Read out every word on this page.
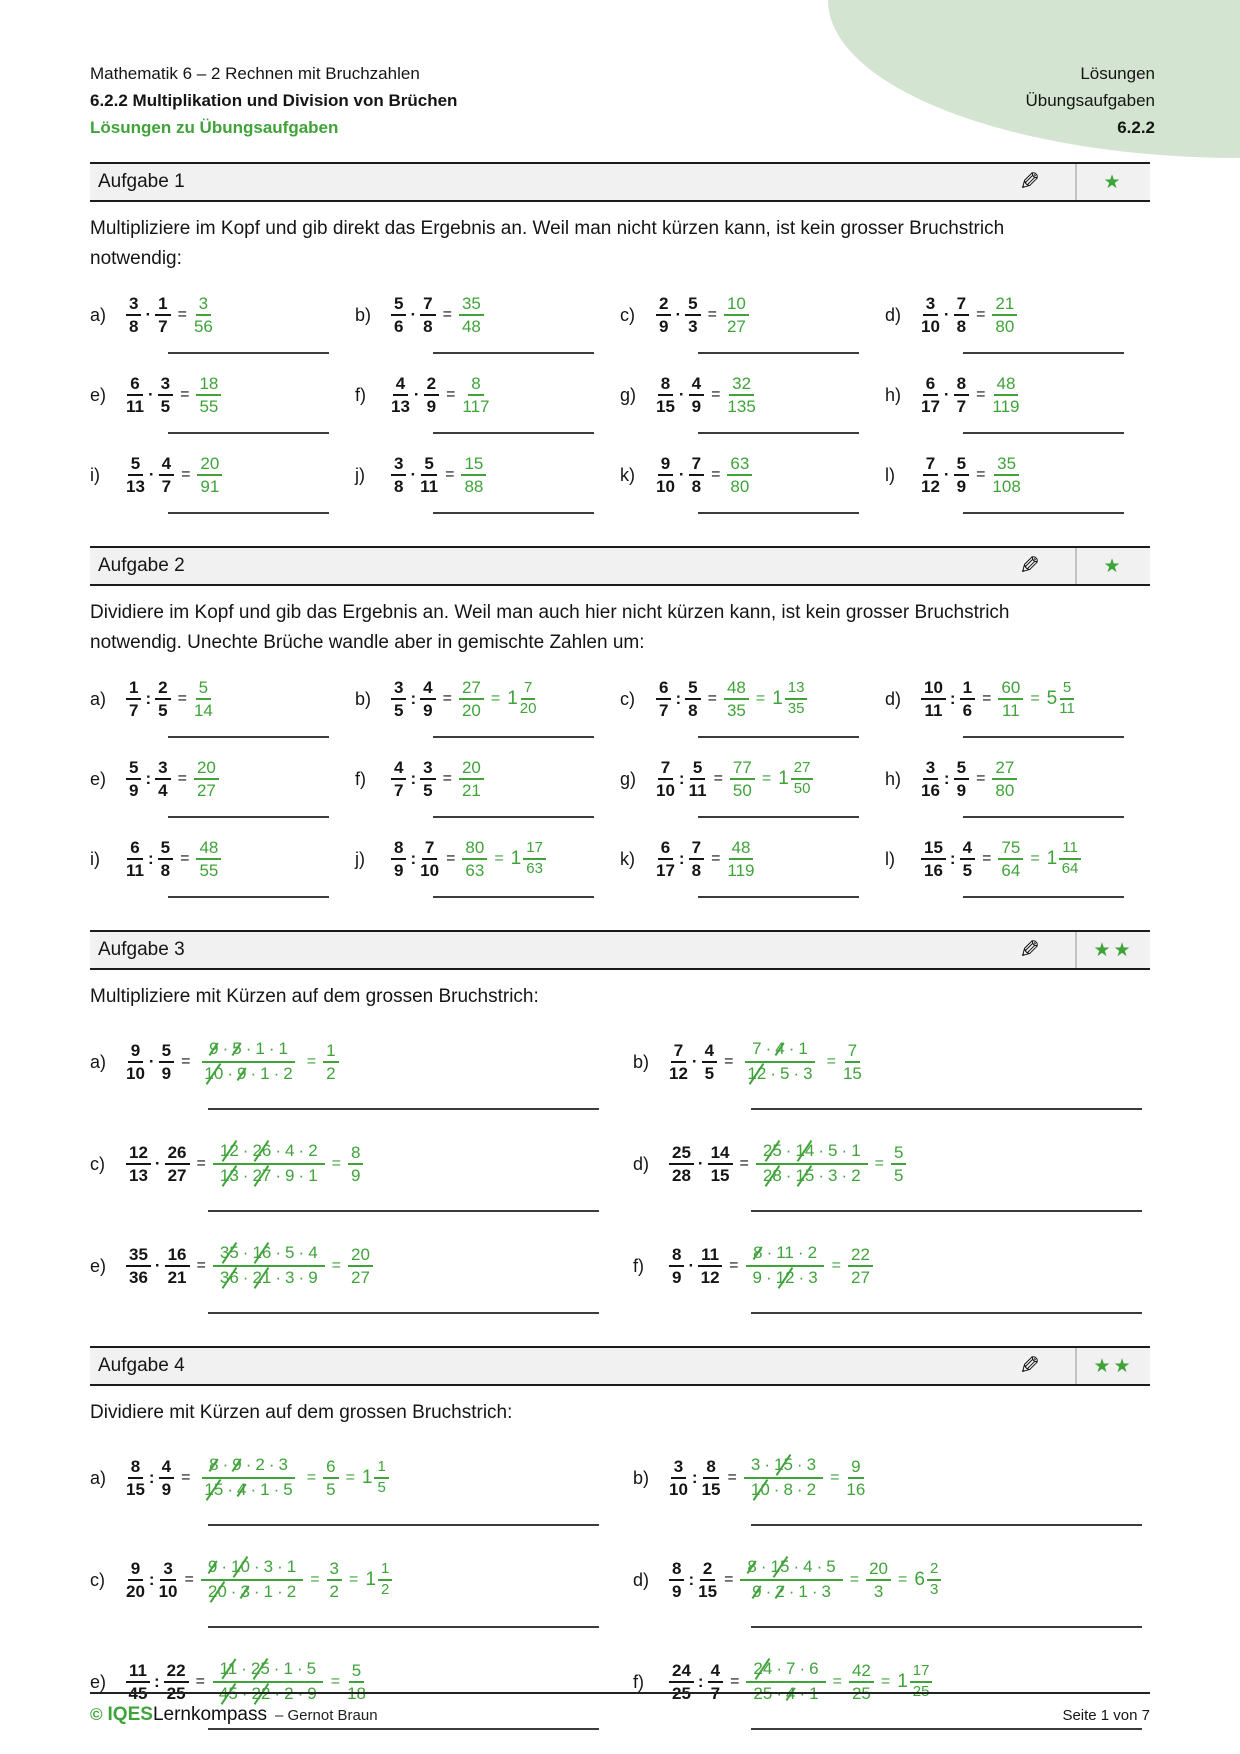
Mathematik 6 – 2 Rechnen mit Bruchzahlen
6.2.2 Multiplikation und Division von Brüchen
Lösungen zu Übungsaufgaben
Lösungen
Übungsaufgaben
6.2.2
Aufgabe 1	✎	★

Multipliziere im Kopf und gib direkt das Ergebnis an. Weil man nicht kürzen kann, ist kein grosser Bruchstrich notwendig:

a)	$\frac{3}{8} \cdot \frac{1}{7} = \frac{3}{56}$	b)	$\frac{5}{6} \cdot \frac{7}{8} = \frac{35}{48}$	c)	$\frac{2}{9} \cdot \frac{5}{3} = \frac{10}{27}$	d)	$\frac{3}{10} \cdot \frac{7}{8} = \frac{21}{80}$
e)	$\frac{6}{11} \cdot \frac{3}{5} = \frac{18}{55}$	f)	$\frac{4}{13} \cdot \frac{2}{9} = \frac{8}{117}$	g)	$\frac{8}{15} \cdot \frac{4}{9} = \frac{32}{135}$	h)	$\frac{6}{17} \cdot \frac{8}{7} = \frac{48}{119}$
i)	$\frac{5}{13} \cdot \frac{4}{7} = \frac{20}{91}$	j)	$\frac{3}{8} \cdot \frac{5}{11} = \frac{15}{88}$	k)	$\frac{9}{10} \cdot \frac{7}{8} = \frac{63}{80}$	l)	$\frac{7}{12} \cdot \frac{5}{9} = \frac{35}{108}$
Aufgabe 2	✎	★

Dividiere im Kopf und gib das Ergebnis an. Weil man auch hier nicht kürzen kann, ist kein grosser Bruchstrich notwendig. Unechte Brüche wandle aber in gemischte Zahlen um:

a)	$\frac{1}{7}$ : $\frac{2}{5} = \frac{5}{14}$	b)	$\frac{3}{5}$ : $\frac{4}{9} = \frac{27}{20} = 1 \frac{7}{20}$	c)	$\frac{6}{7}$ : $\frac{5}{8} = \frac{48}{35} = 1 \frac{13}{35}$	d)	$\frac{10}{11}$ : $\frac{1}{6} = \frac{60}{11} = 5 \frac{5}{11}$
e)	$\frac{5}{9}$ : $\frac{3}{4} = \frac{20}{27}$	f)	$\frac{4}{7}$ : $\frac{3}{5} = \frac{20}{21}$	g)	$\frac{7}{10}$ : $\frac{5}{11} = \frac{77}{50} = 1 \frac{27}{50}$	h)	$\frac{3}{16}$ : $\frac{5}{9} = \frac{27}{80}$
i)	$\frac{6}{11}$ : $\frac{5}{8} = \frac{48}{55}$	j)	$\frac{8}{9}$ : $\frac{7}{10} = \frac{80}{63} = 1 \frac{17}{63}$	k)	$\frac{6}{17}$ : $\frac{7}{8} = \frac{48}{119}$	l)	$\frac{15}{16}$ : $\frac{4}{5} = \frac{75}{64} = 1 \frac{11}{64}$
Aufgabe 3	✎	★★

Multipliziere mit Kürzen auf dem grossen Bruchstrich:

a)	$\frac{9}{10} \cdot \frac{5}{9} = \frac{9 \cdot 5 \cdot 1 \cdot 1}{10 \cdot 9 \cdot 1 \cdot 2} = \frac{1}{2}$	b)	$\frac{7}{12} \cdot \frac{4}{5} = \frac{7 \cdot 4 \cdot 1}{12 \cdot 5 \cdot 3} = \frac{7}{15}$
c)	$\frac{12}{13} \cdot \frac{26}{27} = \frac{12 \cdot 26 \cdot 4 \cdot 2}{13 \cdot 27 \cdot 9 \cdot 1} = \frac{8}{9}$	d)	$\frac{25}{28} \cdot \frac{14}{15} = \frac{25 \cdot 14 \cdot 5 \cdot 1}{28 \cdot 15 \cdot 3 \cdot 2} = \frac{5}{5}$
e)	$\frac{35}{36} \cdot \frac{16}{21} = \frac{35 \cdot 16 \cdot 5 \cdot 4}{36 \cdot 21 \cdot 3 \cdot 9} = \frac{20}{27}$	f)	$\frac{8}{9} \cdot \frac{11}{12} = \frac{8 \cdot 11 \cdot 2}{9 \cdot 12 \cdot 3} = \frac{22}{27}$
Aufgabe 4	✎	★★

Dividiere mit Kürzen auf dem grossen Bruchstrich:

a)	$\frac{8}{15}$ : $\frac{4}{9} = \frac{8 \cdot 9 \cdot 2 \cdot 3}{15 \cdot 4 \cdot 1 \cdot 5} = \frac{6}{5} = 1 \frac{1}{5}$	b)	$\frac{3}{10}$ : $\frac{8}{15} = \frac{3 \cdot 15 \cdot 3}{10 \cdot 8 \cdot 2} = \frac{9}{16}$
c)	$\frac{9}{20}$ : $\frac{3}{10} = \frac{9 \cdot 10 \cdot 3 \cdot 1}{20 \cdot 3 \cdot 1 \cdot 2} = \frac{3}{2} = 1 \frac{1}{2}$	d)	$\frac{8}{9}$ : $\frac{2}{15} = \frac{8 \cdot 15 \cdot 4 \cdot 5}{9 \cdot 2 \cdot 1 \cdot 3} = \frac{20}{3} = 6 \frac{2}{3}$
e)	$\frac{11}{45}$ : $\frac{22}{25} = \frac{11 \cdot 25 \cdot 1 \cdot 5}{45 \cdot 22 \cdot 2 \cdot 9} = \frac{5}{18}$	f)	$\frac{24}{25}$ : $\frac{4}{7} = \frac{24 \cdot 7 \cdot 6}{25 \cdot 4 \cdot 1} = \frac{42}{25} = 1 \frac{17}{25}$
© IQES Lernkompass – Gernot Braun	Seite 1 von 7
